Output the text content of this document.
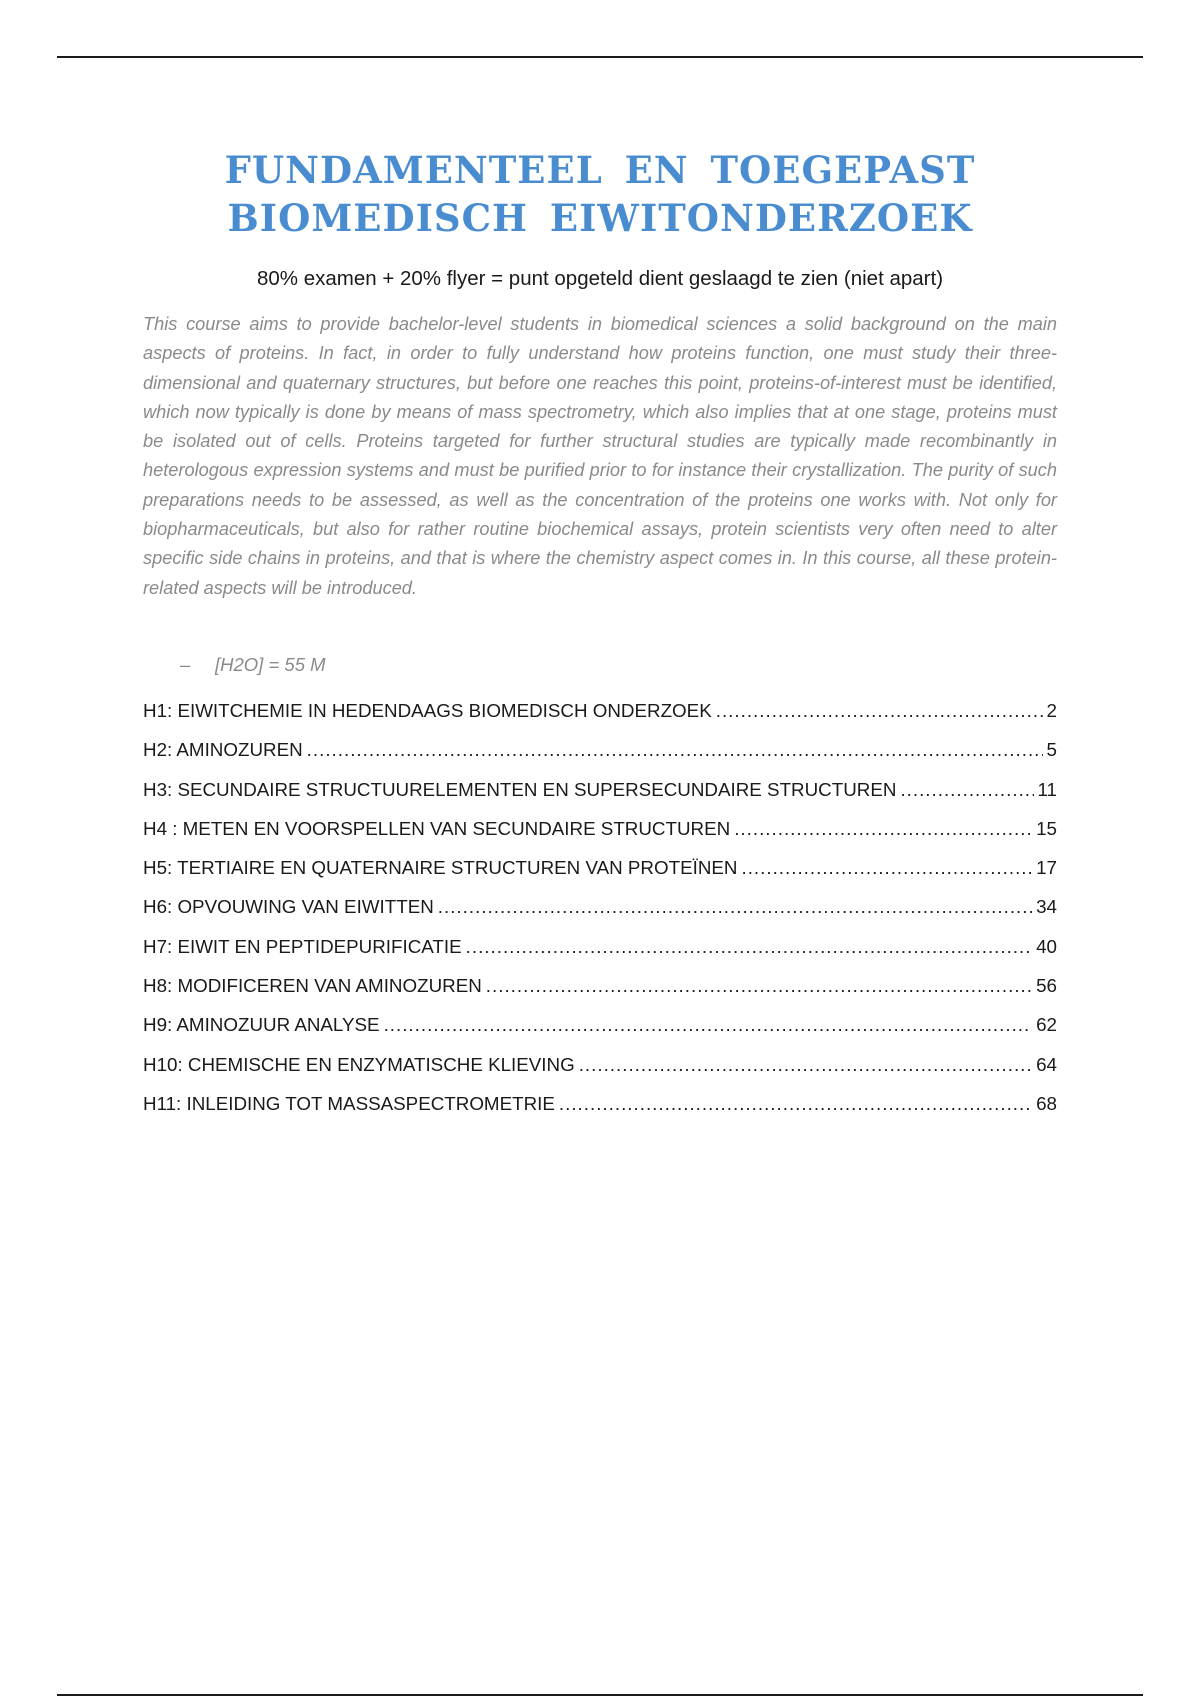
FUNDAMENTEEL EN TOEGEPAST
BIOMEDISCH EIWITONDERZOEK
80% examen + 20% flyer = punt opgeteld dient geslaagd te zien (niet apart)

This course aims to provide bachelor-level students in biomedical sciences a solid background on the main aspects of proteins. In fact, in order to fully understand how proteins function, one must study their three-dimensional and quaternary structures, but before one reaches this point, proteins-of-interest must be identified, which now typically is done by means of mass spectrometry, which also implies that at one stage, proteins must be isolated out of cells. Proteins targeted for further structural studies are typically made recombinantly in heterologous expression systems and must be purified prior to for instance their crystallization. The purity of such preparations needs to be assessed, as well as the concentration of the proteins one works with. Not only for biopharmaceuticals, but also for rather routine biochemical assays, protein scientists very often need to alter specific side chains in proteins, and that is where the chemistry aspect comes in. In this course, all these protein-related aspects will be introduced.

– [H2O] = 55 M
H1: EIWITCHEMIE IN HEDENDAAGS BIOMEDISCH ONDERZOEK .....	2
H2: AMINOZUREN .....	5
H3: SECUNDAIRE STRUCTUURELEMENTEN EN SUPERSECUNDAIRE STRUCTUREN .....	11
H4 : METEN EN VOORSPELLEN VAN SECUNDAIRE STRUCTUREN .....	15
H5: TERTIAIRE EN QUATERNAIRE STRUCTUREN VAN PROTEÏNEN .....	17
H6: OPVOUWING VAN EIWITTEN .....	34
H7: EIWIT EN PEPTIDEPURIFICATIE .....	40
H8: MODIFICEREN VAN AMINOZUREN .....	56
H9: AMINOZUUR ANALYSE .....	62
H10: CHEMISCHE EN ENZYMATISCHE KLIEVING .....	64
H11: INLEIDING TOT MASSASPECTROMETRIE .....	68
